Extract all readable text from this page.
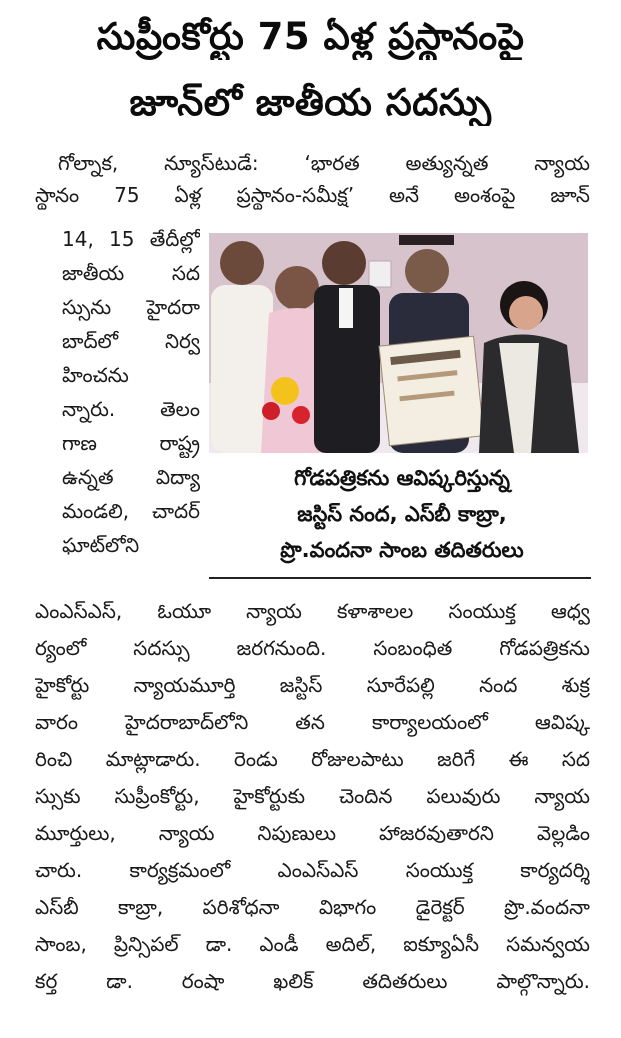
సుప్రీంకోర్టు 75 ఏళ్ల ప్రస్థానంపై
జూన్‌లో జాతీయ సదస్సు
గోల్నాక, న్యూస్‌టుడే: ‘భారత అత్యున్నత న్యాయ
స్థానం 75 ఏళ్ల ప్రస్థానం-సమీక్ష’ అనే అంశంపై జూన్
14, 15 తేదీల్లో
జాతీయ సద
స్సును హైదరా
బాద్‌లో నిర్వ
హించను
న్నారు. తెలం
గాణ	రాష్ట్ర
ఉన్నత విద్యా
మండలి, చాదర్
ఘాట్‌లోని
గోడపత్రికను ఆవిష్కరిస్తున్న
జస్టిస్ నంద, ఎస్‌బీ కాబ్రా,
ప్రొ.వందనా సాంబ తదితరులు
ఎంఎస్‌ఎస్, ఓయూ న్యాయ కళాశాలల సంయుక్త ఆధ్వ
ర్యంలో సదస్సు జరగనుంది. సంబంధిత గోడపత్రికను
హైకోర్టు న్యాయమూర్తి జస్టిస్ సూరేపల్లి నంద శుక్ర
వారం హైదరాబాద్‌లోని తన కార్యాలయంలో ఆవిష్క
రించి మాట్లాడారు. రెండు రోజులపాటు జరిగే ఈ సద
స్సుకు సుప్రీంకోర్టు, హైకోర్టుకు చెందిన పలువురు న్యాయ
మూర్తులు, న్యాయ నిపుణులు హాజరవుతారని వెల్లడిం
చారు. కార్యక్రమంలో ఎంఎస్‌ఎస్ సంయుక్త కార్యదర్శి
ఎస్‌బీ కాబ్రా, పరిశోధనా విభాగం డైరెక్టర్ ప్రొ.వందనా
సాంబ, ప్రిన్సిపల్ డా. ఎండీ అదిల్, ఐక్యూఏసీ సమన్వయ
కర్త డా. రంషా ఖలిక్ తదితరులు పాల్గొన్నారు.
